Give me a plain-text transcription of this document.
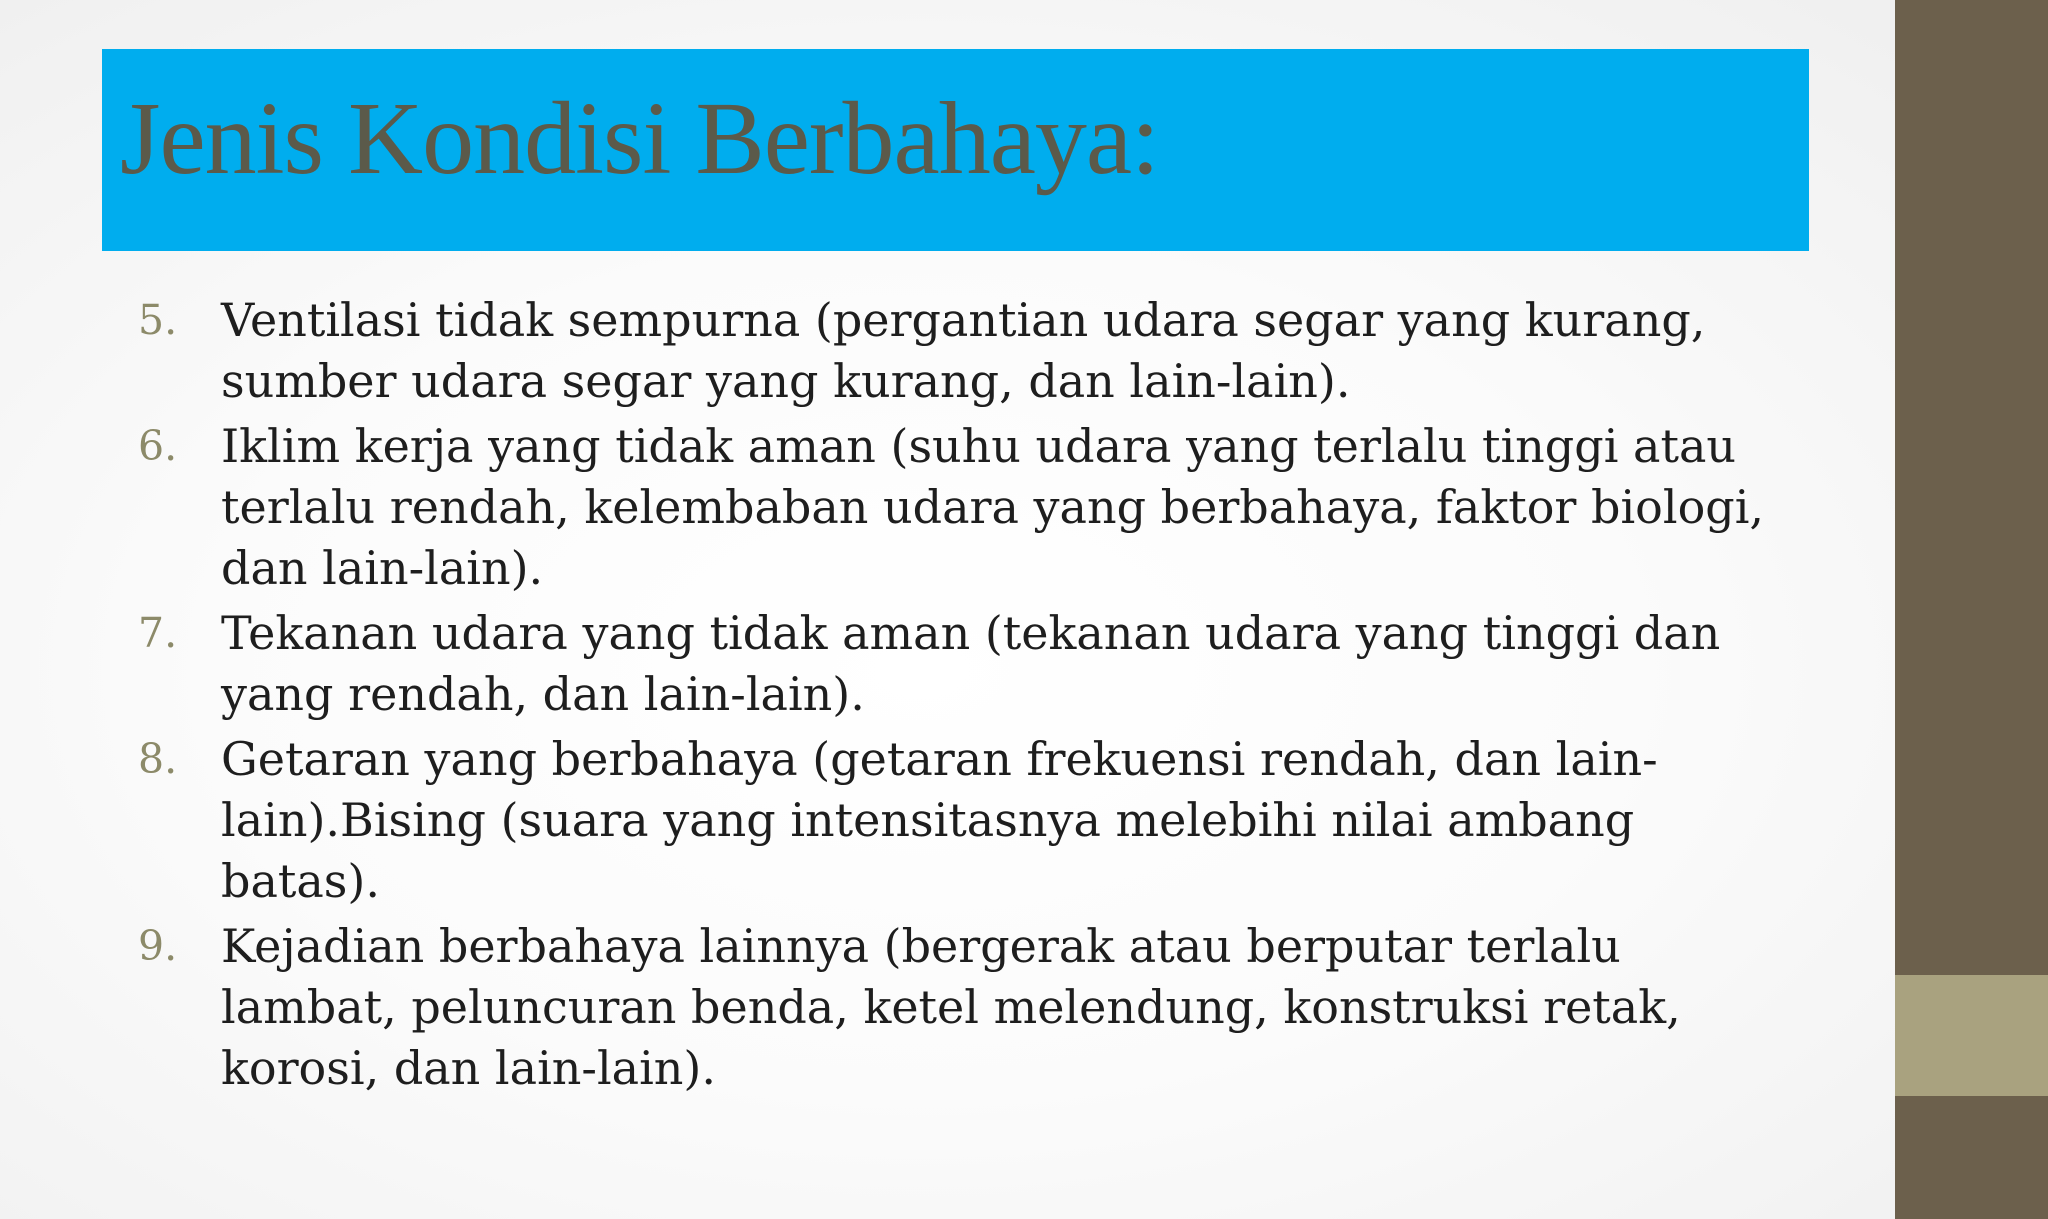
Jenis Kondisi Berbahaya:
5. Ventilasi tidak sempurna (pergantian udara segar yang kurang, sumber udara segar yang kurang, dan lain-lain).
6. Iklim kerja yang tidak aman (suhu udara yang terlalu tinggi atau terlalu rendah, kelembaban udara yang berbahaya, faktor biologi, dan lain-lain).
7. Tekanan udara yang tidak aman (tekanan udara yang tinggi dan yang rendah, dan lain-lain).
8. Getaran yang berbahaya (getaran frekuensi rendah, dan lain-lain).Bising (suara yang intensitasnya melebihi nilai ambang batas).
9. Kejadian berbahaya lainnya (bergerak atau berputar terlalu lambat, peluncuran benda, ketel melendung, konstruksi retak, korosi, dan lain-lain).
